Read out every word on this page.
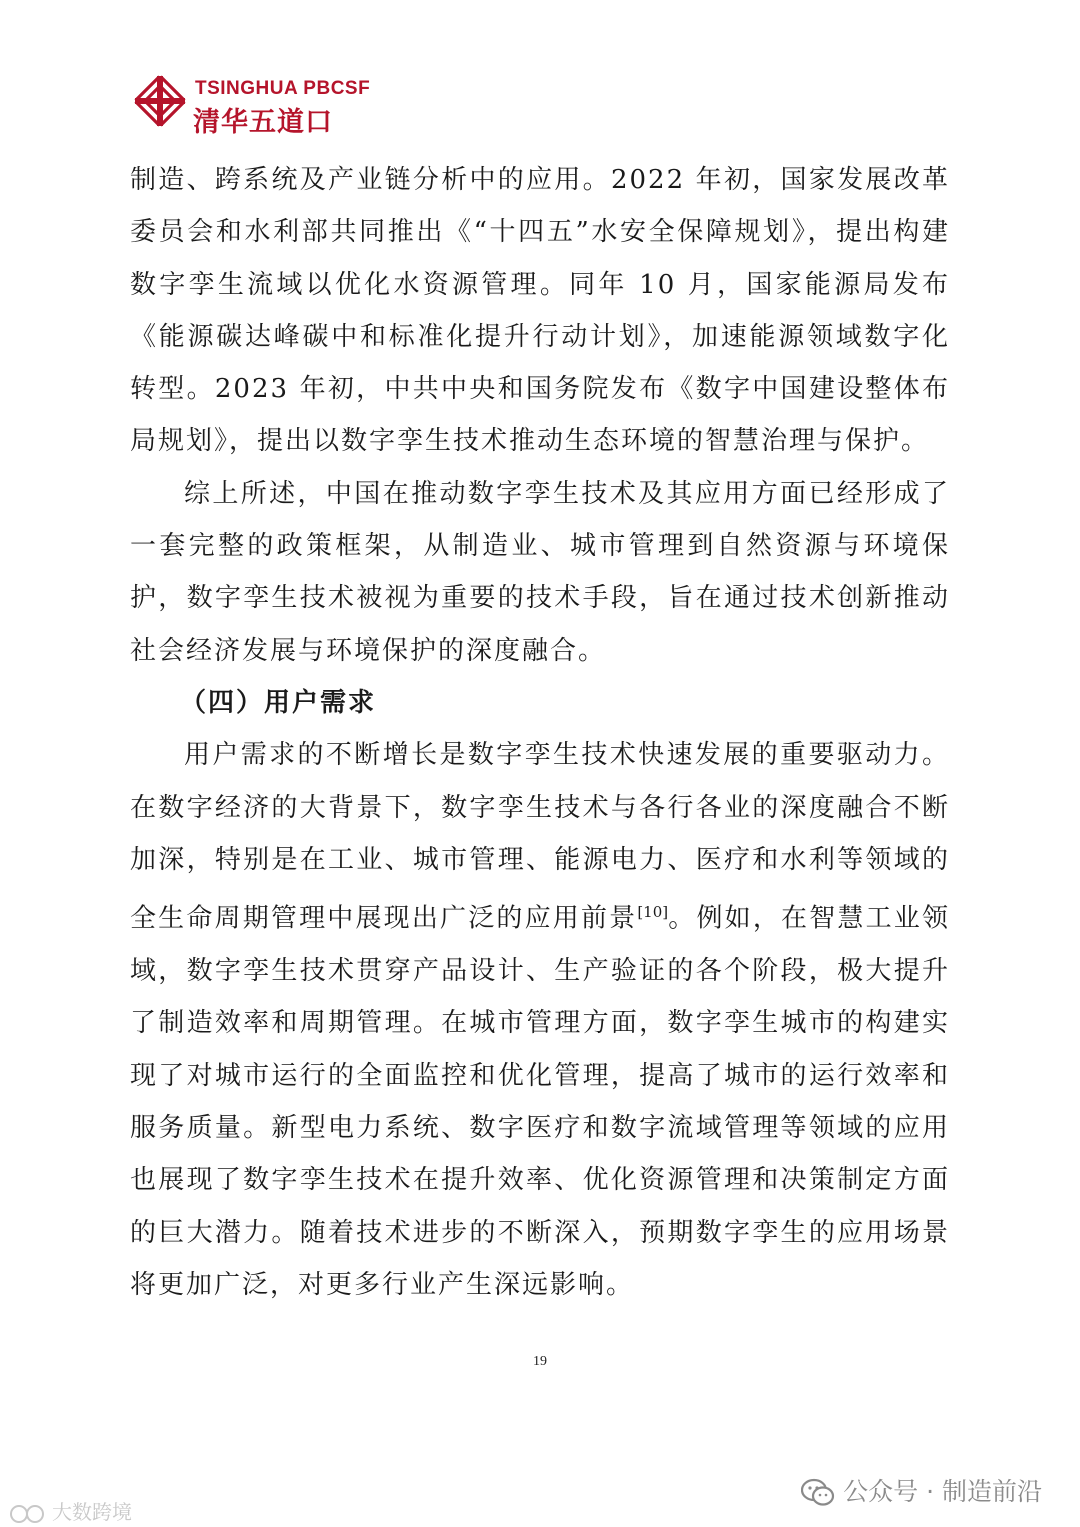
TSINGHUA PBCSF
清华五道口

制造、跨系统及产业链分析中的应用。2022 年初，国家发展改革委员会和水利部共同推出《“十四五”水安全保障规划》，提出构建数字孪生流域以优化水资源管理。同年 10 月，国家能源局发布《能源碳达峰碳中和标准化提升行动计划》，加速能源领域数字化转型。2023 年初，中共中央和国务院发布《数字中国建设整体布局规划》，提出以数字孪生技术推动生态环境的智慧治理与保护。

综上所述，中国在推动数字孪生技术及其应用方面已经形成了一套完整的政策框架，从制造业、城市管理到自然资源与环境保护，数字孪生技术被视为重要的技术手段，旨在通过技术创新推动社会经济发展与环境保护的深度融合。

（四）用户需求

用户需求的不断增长是数字孪生技术快速发展的重要驱动力。在数字经济的大背景下，数字孪生技术与各行各业的深度融合不断加深，特别是在工业、城市管理、能源电力、医疗和水利等领域的全生命周期管理中展现出广泛的应用前景[10]。例如，在智慧工业领域，数字孪生技术贯穿产品设计、生产验证的各个阶段，极大提升了制造效率和周期管理。在城市管理方面，数字孪生城市的构建实现了对城市运行的全面监控和优化管理，提高了城市的运行效率和服务质量。新型电力系统、数字医疗和数字流域管理等领域的应用也展现了数字孪生技术在提升效率、优化资源管理和决策制定方面的巨大潜力。随着技术进步的不断深入，预期数字孪生的应用场景将更加广泛，对更多行业产生深远影响。

19
公众号 · 制造前沿
大数跨境
